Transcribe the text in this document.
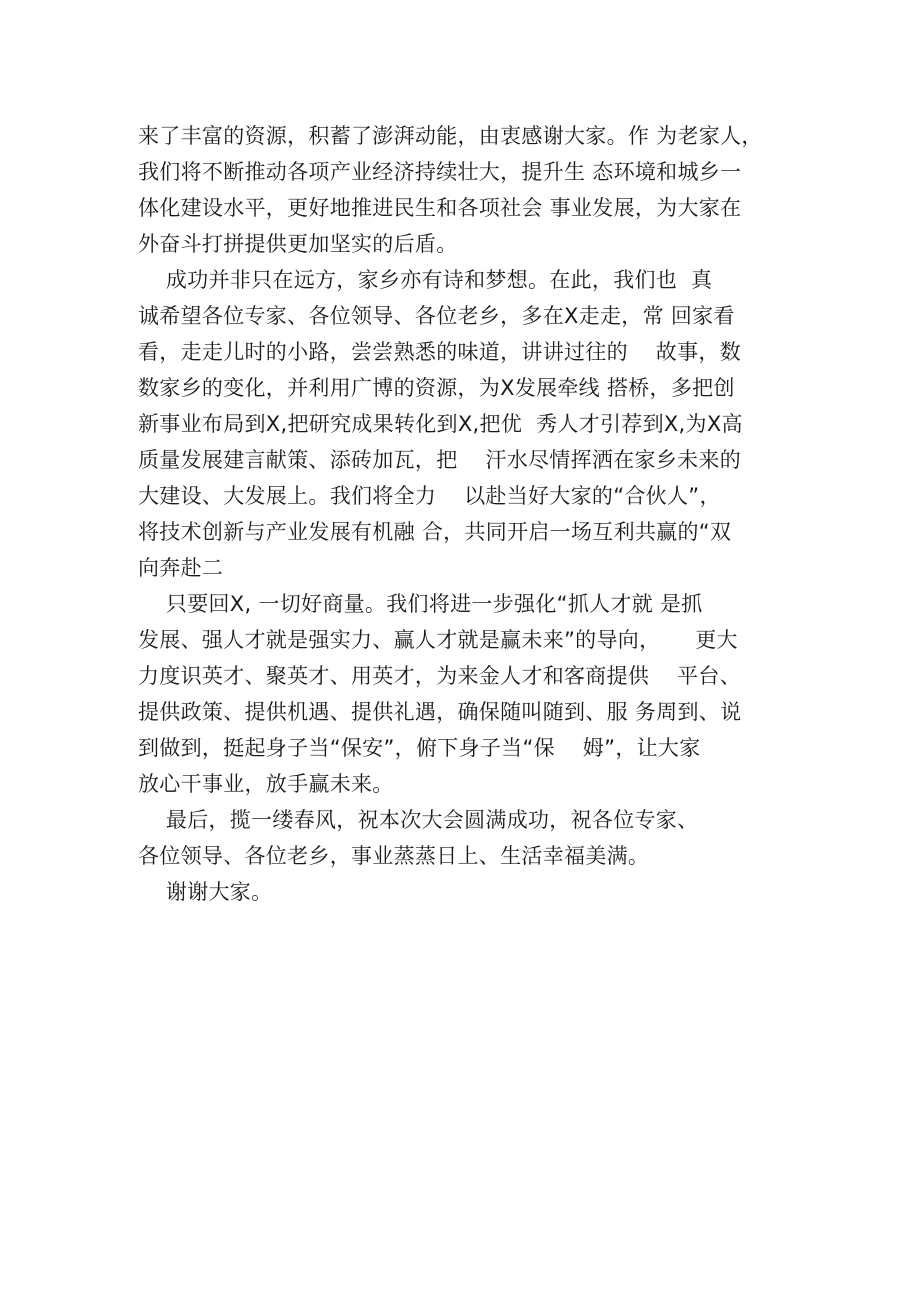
来了丰富的资源，积蓄了澎湃动能，由衷感谢大家。作 为老家人，
我们将不断推动各项产业经济持续壮大，提升生 态环境和城乡一
体化建设水平，更好地推进民生和各项社会 事业发展，为大家在
外奋斗打拼提供更加坚实的后盾。
成功并非只在远方，家乡亦有诗和梦想。在此，我们也  真
诚希望各位专家、各位领导、各位老乡，多在X走走，常 回家看
看，走走儿时的小路，尝尝熟悉的味道，讲讲过往的    故事，数
数家乡的变化，并利用广博的资源，为X发展牵线 搭桥，多把创
新事业布局到X,把研究成果转化到X,把优  秀人才引荐到X,为X高
质量发展建言献策、添砖加瓦，把    汗水尽情挥洒在家乡未来的
大建设、大发展上。我们将全力    以赴当好大家的“合伙人”，
将技术创新与产业发展有机融 合，共同开启一场互利共赢的“双
向奔赴二
只要回X, 一切好商量。我们将进一步强化“抓人才就 是抓
发展、强人才就是强实力、赢人才就是赢未来”的导向，     更大
力度识英才、聚英才、用英才，为来金人才和客商提供    平台、
提供政策、提供机遇、提供礼遇，确保随叫随到、服 务周到、说
到做到，挺起身子当“保安”，俯下身子当“保    姆”，让大家
放心干事业，放手赢未来。
最后，揽一缕春风，祝本次大会圆满成功，祝各位专家、
各位领导、各位老乡，事业蒸蒸日上、生活幸福美满。
谢谢大家。
